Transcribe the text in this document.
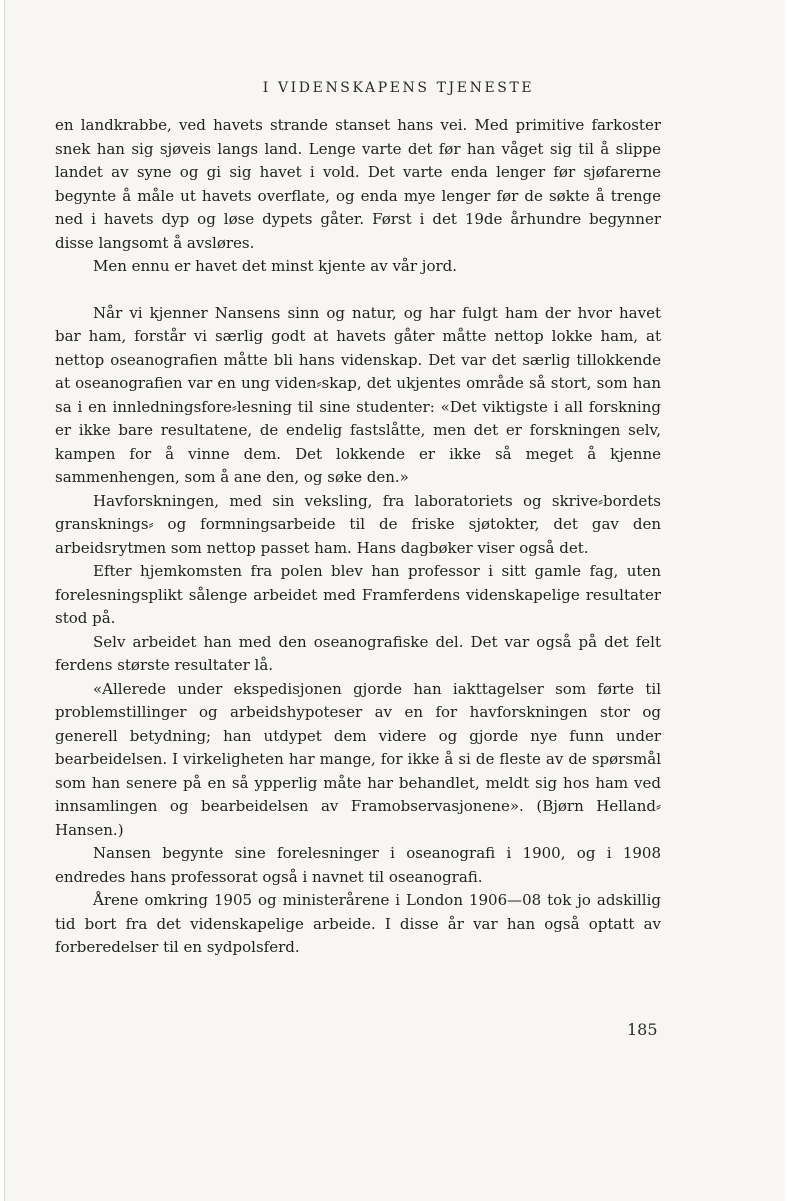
I VIDENSKAPENS TJENESTE

en landkrabbe, ved havets strande stanset hans vei. Med primitive farkoster snek han sig sjøveis langs land. Lenge varte det før han våget sig til å slippe landet av syne og gi sig havet i vold. Det varte enda lenger før sjøfarerne begynte å måle ut havets overflate, og enda mye lenger før de søkte å trenge ned i havets dyp og løse dypets gåter. Først i det 19de århundre begynner disse langsomt å avsløres.

Men ennu er havet det minst kjente av vår jord.

Når vi kjenner Nansens sinn og natur, og har fulgt ham der hvor havet bar ham, forstår vi særlig godt at havets gåter måtte nettop lokke ham, at nettop oseanografien måtte bli hans videnskap. Det var det særlig tillokkende at oseanografien var en ung viden⸗skap, det ukjentes område så stort, som han sa i en innledningsfore⸗lesning til sine studenter: «Det viktigste i all forskning er ikke bare resultatene, de endelig fastslåtte, men det er forskningen selv, kampen for å vinne dem. Det lokkende er ikke så meget å kjenne sammenhengen, som å ane den, og søke den.»

Havforskningen, med sin veksling, fra laboratoriets og skrive⸗bordets gransknings⸗ og formningsarbeide til de friske sjøtokter, det gav den arbeidsrytmen som nettop passet ham. Hans dagbøker viser også det.

Efter hjemkomsten fra polen blev han professor i sitt gamle fag, uten forelesningsplikt sålenge arbeidet med Framferdens videnskapelige resultater stod på.

Selv arbeidet han med den oseanografiske del. Det var også på det felt ferdens største resultater lå.

«Allerede under ekspedisjonen gjorde han iakttagelser som førte til problemstillinger og arbeidshypoteser av en for havforskningen stor og generell betydning; han utdypet dem videre og gjorde nye funn under bearbeidelsen. I virkeligheten har mange, for ikke å si de fleste av de spørsmål som han senere på en så ypperlig måte har behandlet, meldt sig hos ham ved innsamlingen og bearbeidelsen av Framobservasjonene». (Bjørn Helland⸗Hansen.)

Nansen begynte sine forelesninger i oseanografi i 1900, og i 1908 endredes hans professorat også i navnet til oseanografi.

Årene omkring 1905 og ministerårene i London 1906—08 tok jo adskillig tid bort fra det videnskapelige arbeide. I disse år var han også optatt av forberedelser til en sydpolsferd.

185
